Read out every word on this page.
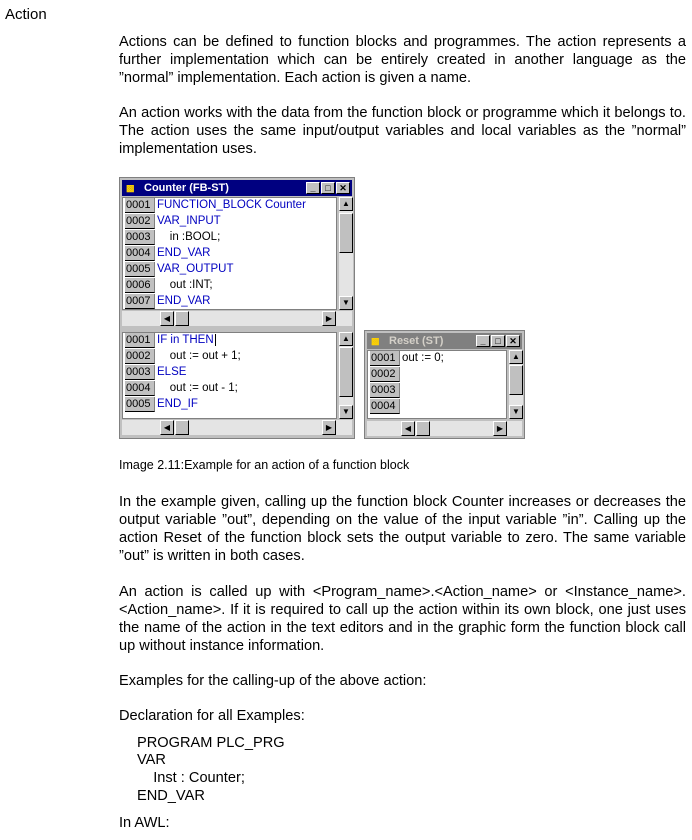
Action
Actions can be defined to function blocks and programmes. The action represents a further implementation which can be entirely created in another language as the ”normal” implementation. Each action is given a name.
An action works with the data from the function block or programme which it belongs to. The action uses the same input/output variables and local variables as the ”normal” implementation uses.
▩ Counter (FB-ST)	_	□ ✕
0001 FUNCTION_BLOCK Counter
0002 VAR_INPUT
0003    in :BOOL;
0004 END_VAR
0005 VAR_OUTPUT
0006    out :INT;
0007 END_VAR
▲
▼
◀	▶
0001 IF in THEN
0002    out := out + 1;
0003 ELSE
0004    out := out - 1;
0005 END_IF
▲
▼
◀	▶
▩ Reset (ST)	_	□ ✕
0001 out := 0;
0002
0003
0004
▲
▼
◀	▶
Image 2.11:Example for an action of a function block
In the example given, calling up the function block Counter increases or decreases the output variable ”out”, depending on the value of the input variable ”in”. Calling up the action Reset of the function block sets the output variable to zero. The same variable ”out” is written in both cases.
An action is called up with <Program_name>.<Action_name> or <Instance_name>.<Action_name>. If it is required to call up the action within its own block, one just uses the name of the action in the text editors and in the graphic form the function block call up without instance information.
Examples for the calling-up of the above action:
Declaration for all Examples:
PROGRAM PLC_PRG
VAR
Inst : Counter;
END_VAR
In AWL:
